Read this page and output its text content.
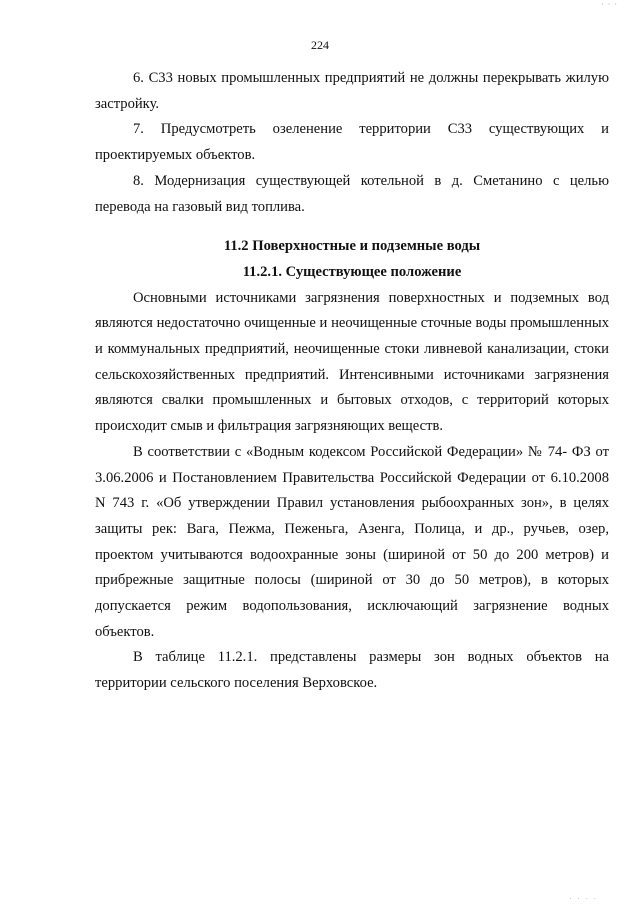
· · ·
224

6. С33 новых промышленных предприятий не должны перекрывать жилую застройку.

7. Предусмотреть озеленение территории С33 существующих и проектируемых объектов.

8. Модернизация существующей котельной в д. Сметанино с целью перевода на газовый вид топлива.

11.2 Поверхностные и подземные воды

11.2.1. Существующее положение

Основными источниками загрязнения поверхностных и подземных вод являются недостаточно очищенные и неочищенные сточные воды промышленных и коммунальных предприятий, неочищенные стоки ливневой канализации, стоки сельскохозяйственных предприятий. Интенсивными источниками загрязнения являются свалки промышленных и бытовых отходов, с территорий которых происходит смыв и фильтрация загрязняющих веществ.

В соответствии с «Водным кодексом Российской Федерации» № 74- ФЗ от 3.06.2006 и Постановлением Правительства Российской Федерации от 6.10.2008 N 743 г. «Об утверждении Правил установления рыбоохранных зон», в целях защиты рек: Вага, Пежма, Пеженьга, Азенга, Полица, и др., ручьев, озер, проектом учитываются водоохранные зоны (шириной от 50 до 200 метров) и прибрежные защитные полосы (шириной от 30 до 50 метров), в которых допускается режим водопользования, исключающий загрязнение водных объектов.

В таблице 11.2.1. представлены размеры зон водных объектов на территории сельского поселения Верховское.

· · · ·
